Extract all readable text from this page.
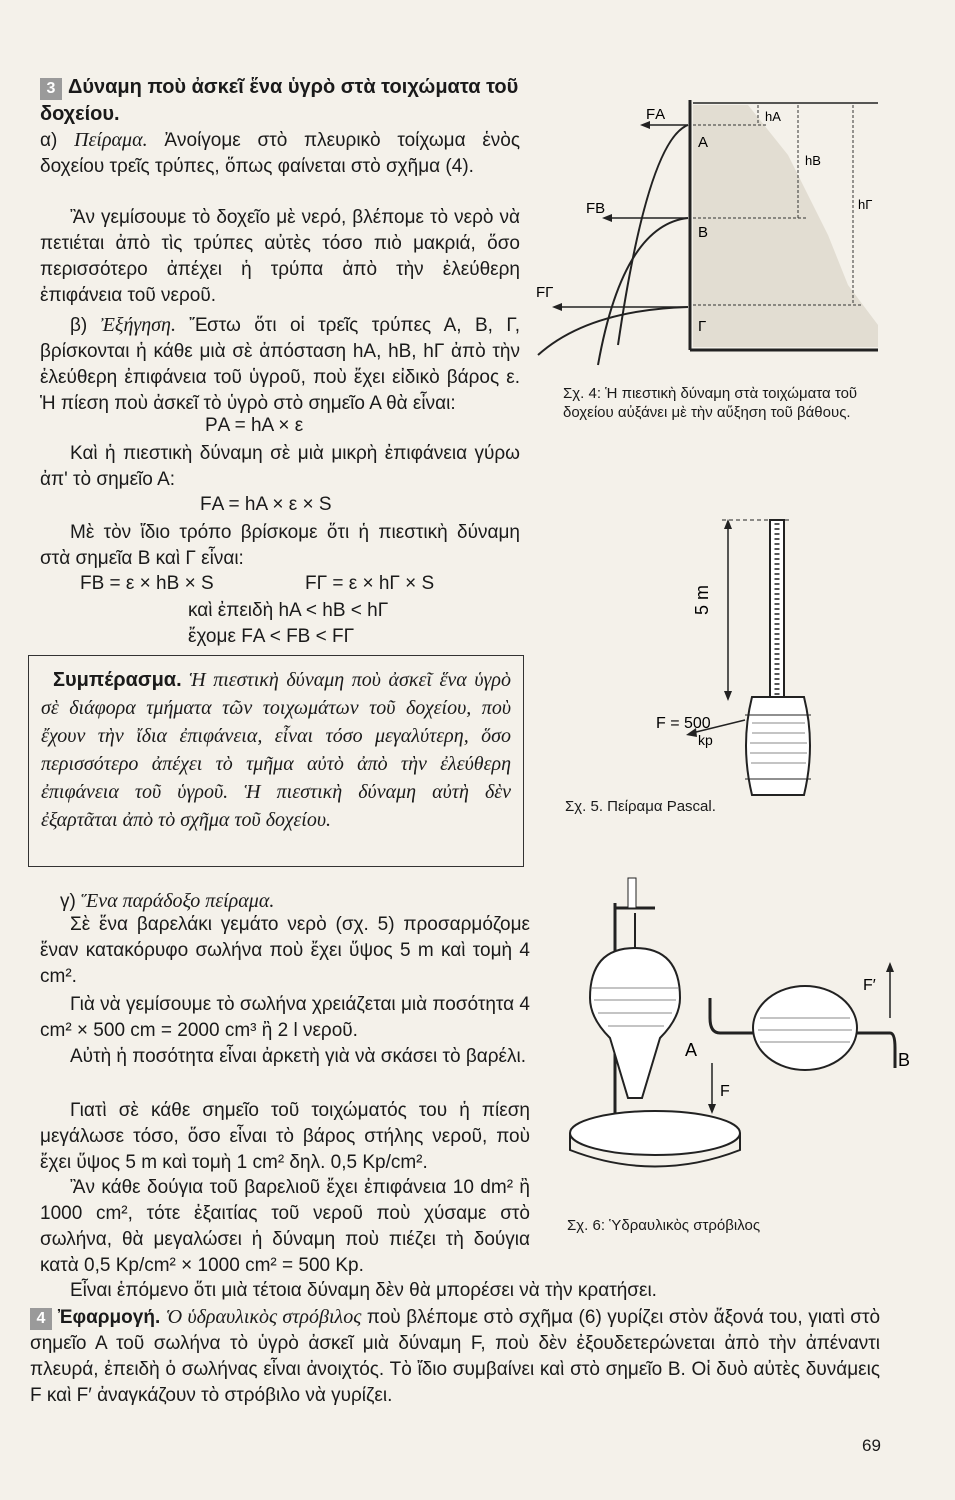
3 Δύναμη ποὺ ἀσκεῖ ἕνα ὑγρὸ στὰ τοιχώματα τοῦ δοχείου.
α) Πείραμα. Ἀνοίγομε στὸ πλευρικὸ τοίχωμα ἑνὸς δοχείου τρεῖς τρύπες, ὅπως φαίνεται στὸ σχῆμα (4).
Ἂν γεμίσουμε τὸ δοχεῖο μὲ νερό, βλέπομε τὸ νερὸ νὰ πετιέται ἀπὸ τὶς τρύπες αὐτὲς τόσο πιὸ μακριά, ὅσο περισσότερο ἀπέχει ἡ τρύπα ἀπὸ τὴν ἐλεύθερη ἐπιφάνεια τοῦ νεροῦ.
β) Ἐξήγηση. Ἔστω ὅτι οἱ τρεῖς τρύπες Α, Β, Γ, βρίσκονται ἡ κάθε μιὰ σὲ ἀπόσταση hΑ, hΒ, hΓ ἀπὸ τὴν ἐλεύθερη ἐπιφάνεια τοῦ ὑγροῦ, ποὺ ἔχει εἰδικὸ βάρος ε. Ἡ πίεση ποὺ ἀσκεῖ τὸ ὑγρὸ στὸ σημεῖο Α θὰ εἶναι:
PΑ = hΑ × ε
Καὶ ἡ πιεστικὴ δύναμη σὲ μιὰ μικρὴ ἐπιφάνεια γύρω ἀπ' τὸ σημεῖο Α:
FΑ = hΑ × ε × S
Μὲ τὸν ἴδιο τρόπο βρίσκομε ὅτι ἡ πιεστικὴ δύναμη στὰ σημεῖα Β καὶ Γ εἶναι:
FΒ = ε × hΒ × S	FΓ = ε × hΓ × S
καὶ ἐπειδὴ hΑ < hΒ < hΓ
ἔχομε FΑ < FΒ < FΓ
Συμπέρασμα. Ἡ πιεστικὴ δύναμη ποὺ ἀσκεῖ ἕνα ὑγρὸ σὲ διάφορα τμήματα τῶν τοιχωμάτων τοῦ δοχείου, ποὺ ἔχουν τὴν ἴδια ἐπιφάνεια, εἶναι τόσο μεγαλύτερη, ὅσο περισσότερο ἀπέχει τὸ τμῆμα αὐτὸ ἀπὸ τὴν ἐλεύθερη ἐπιφάνεια τοῦ ὑγροῦ. Ἡ πιεστικὴ δύναμη αὐτὴ δὲν ἐξαρτᾶται ἀπὸ τὸ σχῆμα τοῦ δοχείου.
γ) Ἕνα παράδοξο πείραμα.
Σὲ ἕνα βαρελάκι γεμάτο νερὸ (σχ. 5) προσαρμόζομε ἕναν κατακόρυφο σωλήνα ποὺ ἔχει ὕψος 5 m καὶ τομὴ 4 cm².
Γιὰ νὰ γεμίσουμε τὸ σωλήνα χρειάζεται μιὰ ποσότητα 4 cm² × 500 cm = 2000 cm³ ἢ 2 l νεροῦ.
Αὐτὴ ἡ ποσότητα εἶναι ἀρκετὴ γιὰ νὰ σκάσει τὸ βαρέλι.
Γιατὶ σὲ κάθε σημεῖο τοῦ τοιχώματός του ἡ πίεση μεγάλωσε τόσο, ὅσο εἶναι τὸ βάρος στήλης νεροῦ, ποὺ ἔχει ὕψος 5 m καὶ τομὴ 1 cm² δηλ. 0,5 Kp/cm².
Ἂν κάθε δούγια τοῦ βαρελιοῦ ἔχει ἐπιφάνεια 10 dm² ἢ 1000 cm², τότε ἐξαιτίας τοῦ νεροῦ ποὺ χύσαμε στὸ σωλήνα, θὰ μεγαλώσει ἡ δύναμη ποὺ πιέζει τὴ δούγια κατὰ 0,5 Kp/cm² × 1000 cm² = 500 Kp.
Εἶναι ἑπόμενο ὅτι μιὰ τέτοια δύναμη δὲν θὰ μπορέσει νὰ τὴν κρατήσει.
4 Ἐφαρμογή. Ὁ ὑδραυλικὸς στρόβιλος ποὺ βλέπομε στὸ σχῆμα (6) γυρίζει στὸν ἄξονά του, γιατὶ στὸ σημεῖο Α τοῦ σωλήνα τὸ ὑγρὸ ἀσκεῖ μιὰ δύναμη F, ποὺ δὲν ἐξουδετερώνεται ἀπὸ τὴν ἀπέναντι πλευρά, ἐπειδὴ ὁ σωλήνας εἶναι ἀνοιχτός. Τὸ ἴδιο συμβαίνει καὶ στὸ σημεῖο Β. Οἱ δυὸ αὐτὲς δυνάμεις F καὶ F′ ἀναγκάζουν τὸ στρόβιλο νὰ γυρίζει.
69
FΑ
Α
FΒ
Β
FΓ
Γ
hΑ
hΒ
hΓ
Σχ. 4: Ἡ πιεστικὴ δύναμη στὰ τοιχώματα τοῦ δοχείου αὐξάνει μὲ τὴν αὔξηση τοῦ βάθους.
5 m
F = 500
kp
Σχ. 5. Πείραμα Pascal.
Α	Β
F
F′
Σχ. 6: Ὑδραυλικὸς στρόβιλος
